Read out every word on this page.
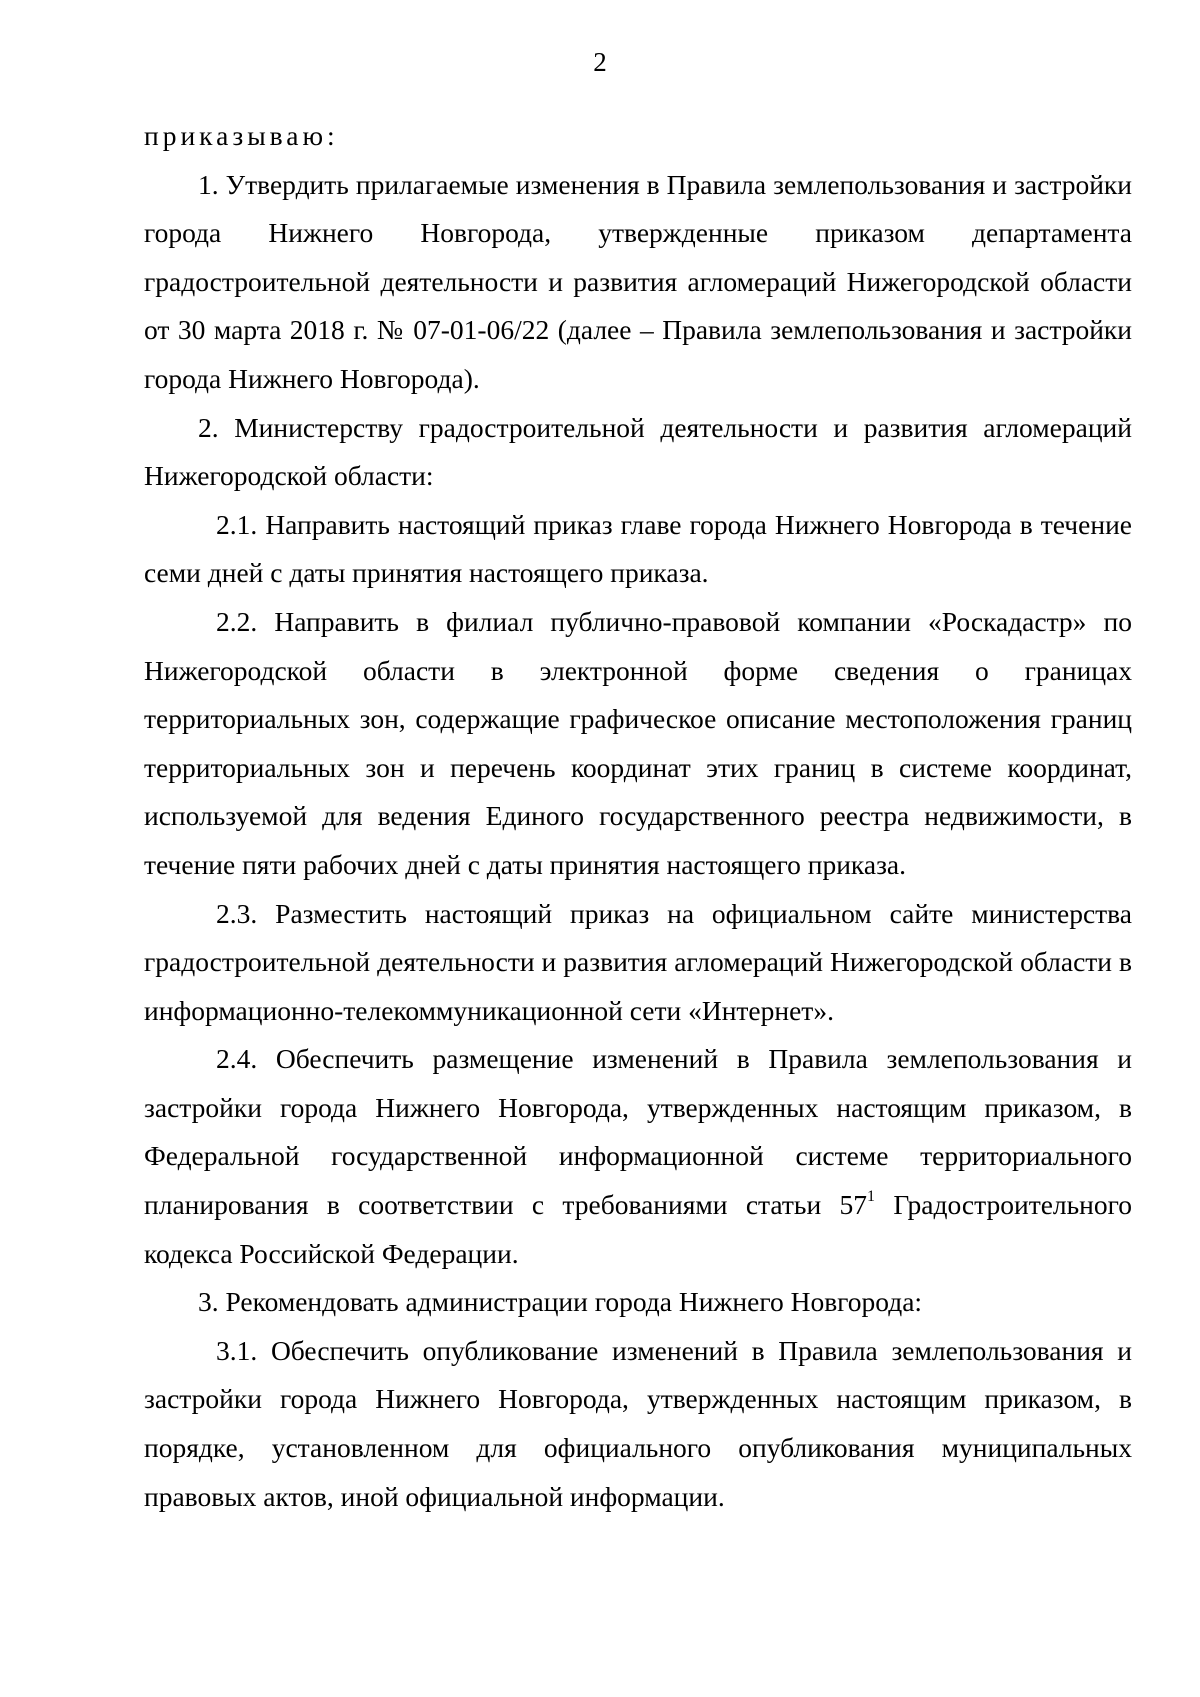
2

приказываю:

1. Утвердить прилагаемые изменения в Правила землепользования и застройки города Нижнего Новгорода, утвержденные приказом департамента градостроительной деятельности и развития агломераций Нижегородской области от 30 марта 2018 г. № 07-01-06/22 (далее – Правила землепользования и застройки города Нижнего Новгорода).

2. Министерству градостроительной деятельности и развития агломераций Нижегородской области:

2.1. Направить настоящий приказ главе города Нижнего Новгорода в течение семи дней с даты принятия настоящего приказа.

2.2. Направить в филиал публично-правовой компании «Роскадастр» по Нижегородской области в электронной форме сведения о границах территориальных зон, содержащие графическое описание местоположения границ территориальных зон и перечень координат этих границ в системе координат, используемой для ведения Единого государственного реестра недвижимости, в течение пяти рабочих дней с даты принятия настоящего приказа.

2.3. Разместить настоящий приказ на официальном сайте министерства градостроительной деятельности и развития агломераций Нижегородской области в информационно-телекоммуникационной сети «Интернет».

2.4. Обеспечить размещение изменений в Правила землепользования и застройки города Нижнего Новгорода, утвержденных настоящим приказом, в Федеральной государственной информационной системе территориального планирования в соответствии с требованиями статьи $57^1$ Градостроительного кодекса Российской Федерации.

3. Рекомендовать администрации города Нижнего Новгорода:

3.1. Обеспечить опубликование изменений в Правила землепользования и застройки города Нижнего Новгорода, утвержденных настоящим приказом, в порядке, установленном для официального опубликования муниципальных правовых актов, иной официальной информации.
